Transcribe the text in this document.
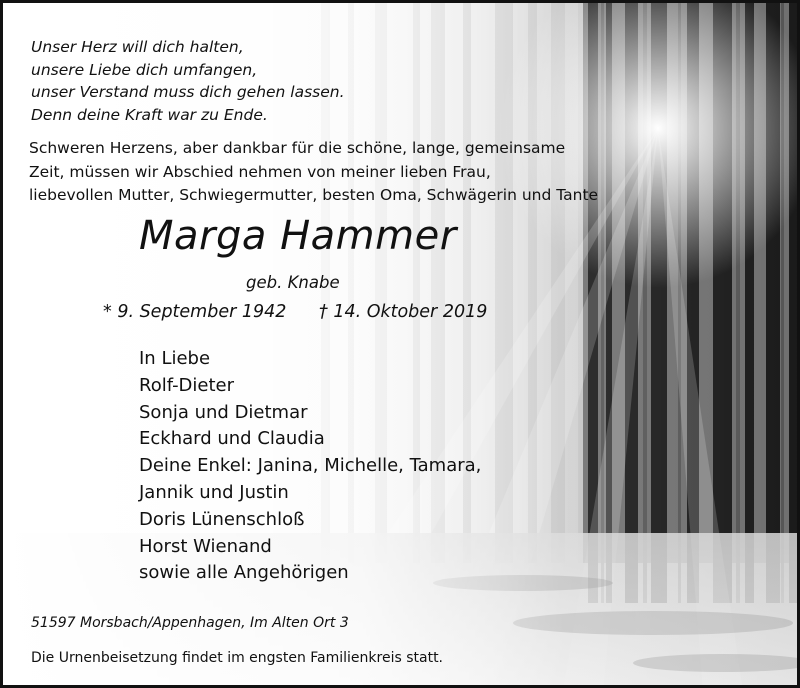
Unser Herz will dich halten,
unsere Liebe dich umfangen,
unser Verstand muss dich gehen lassen.
Denn deine Kraft war zu Ende.
Schweren Herzens, aber dankbar für die schöne, lange, gemeinsame
Zeit, müssen wir Abschied nehmen von meiner lieben Frau,
liebevollen Mutter, Schwiegermutter, besten Oma, Schwägerin und Tante
Marga Hammer
geb. Knabe
* 9. September 1942 † 14. Oktober 2019
In Liebe
Rolf-Dieter
Sonja und Dietmar
Eckhard und Claudia
Deine Enkel: Janina, Michelle, Tamara,
Jannik und Justin
Doris Lünenschloß
Horst Wienand
sowie alle Angehörigen
51597 Morsbach/Appenhagen, Im Alten Ort 3
Die Urnenbeisetzung findet im engsten Familienkreis statt.
